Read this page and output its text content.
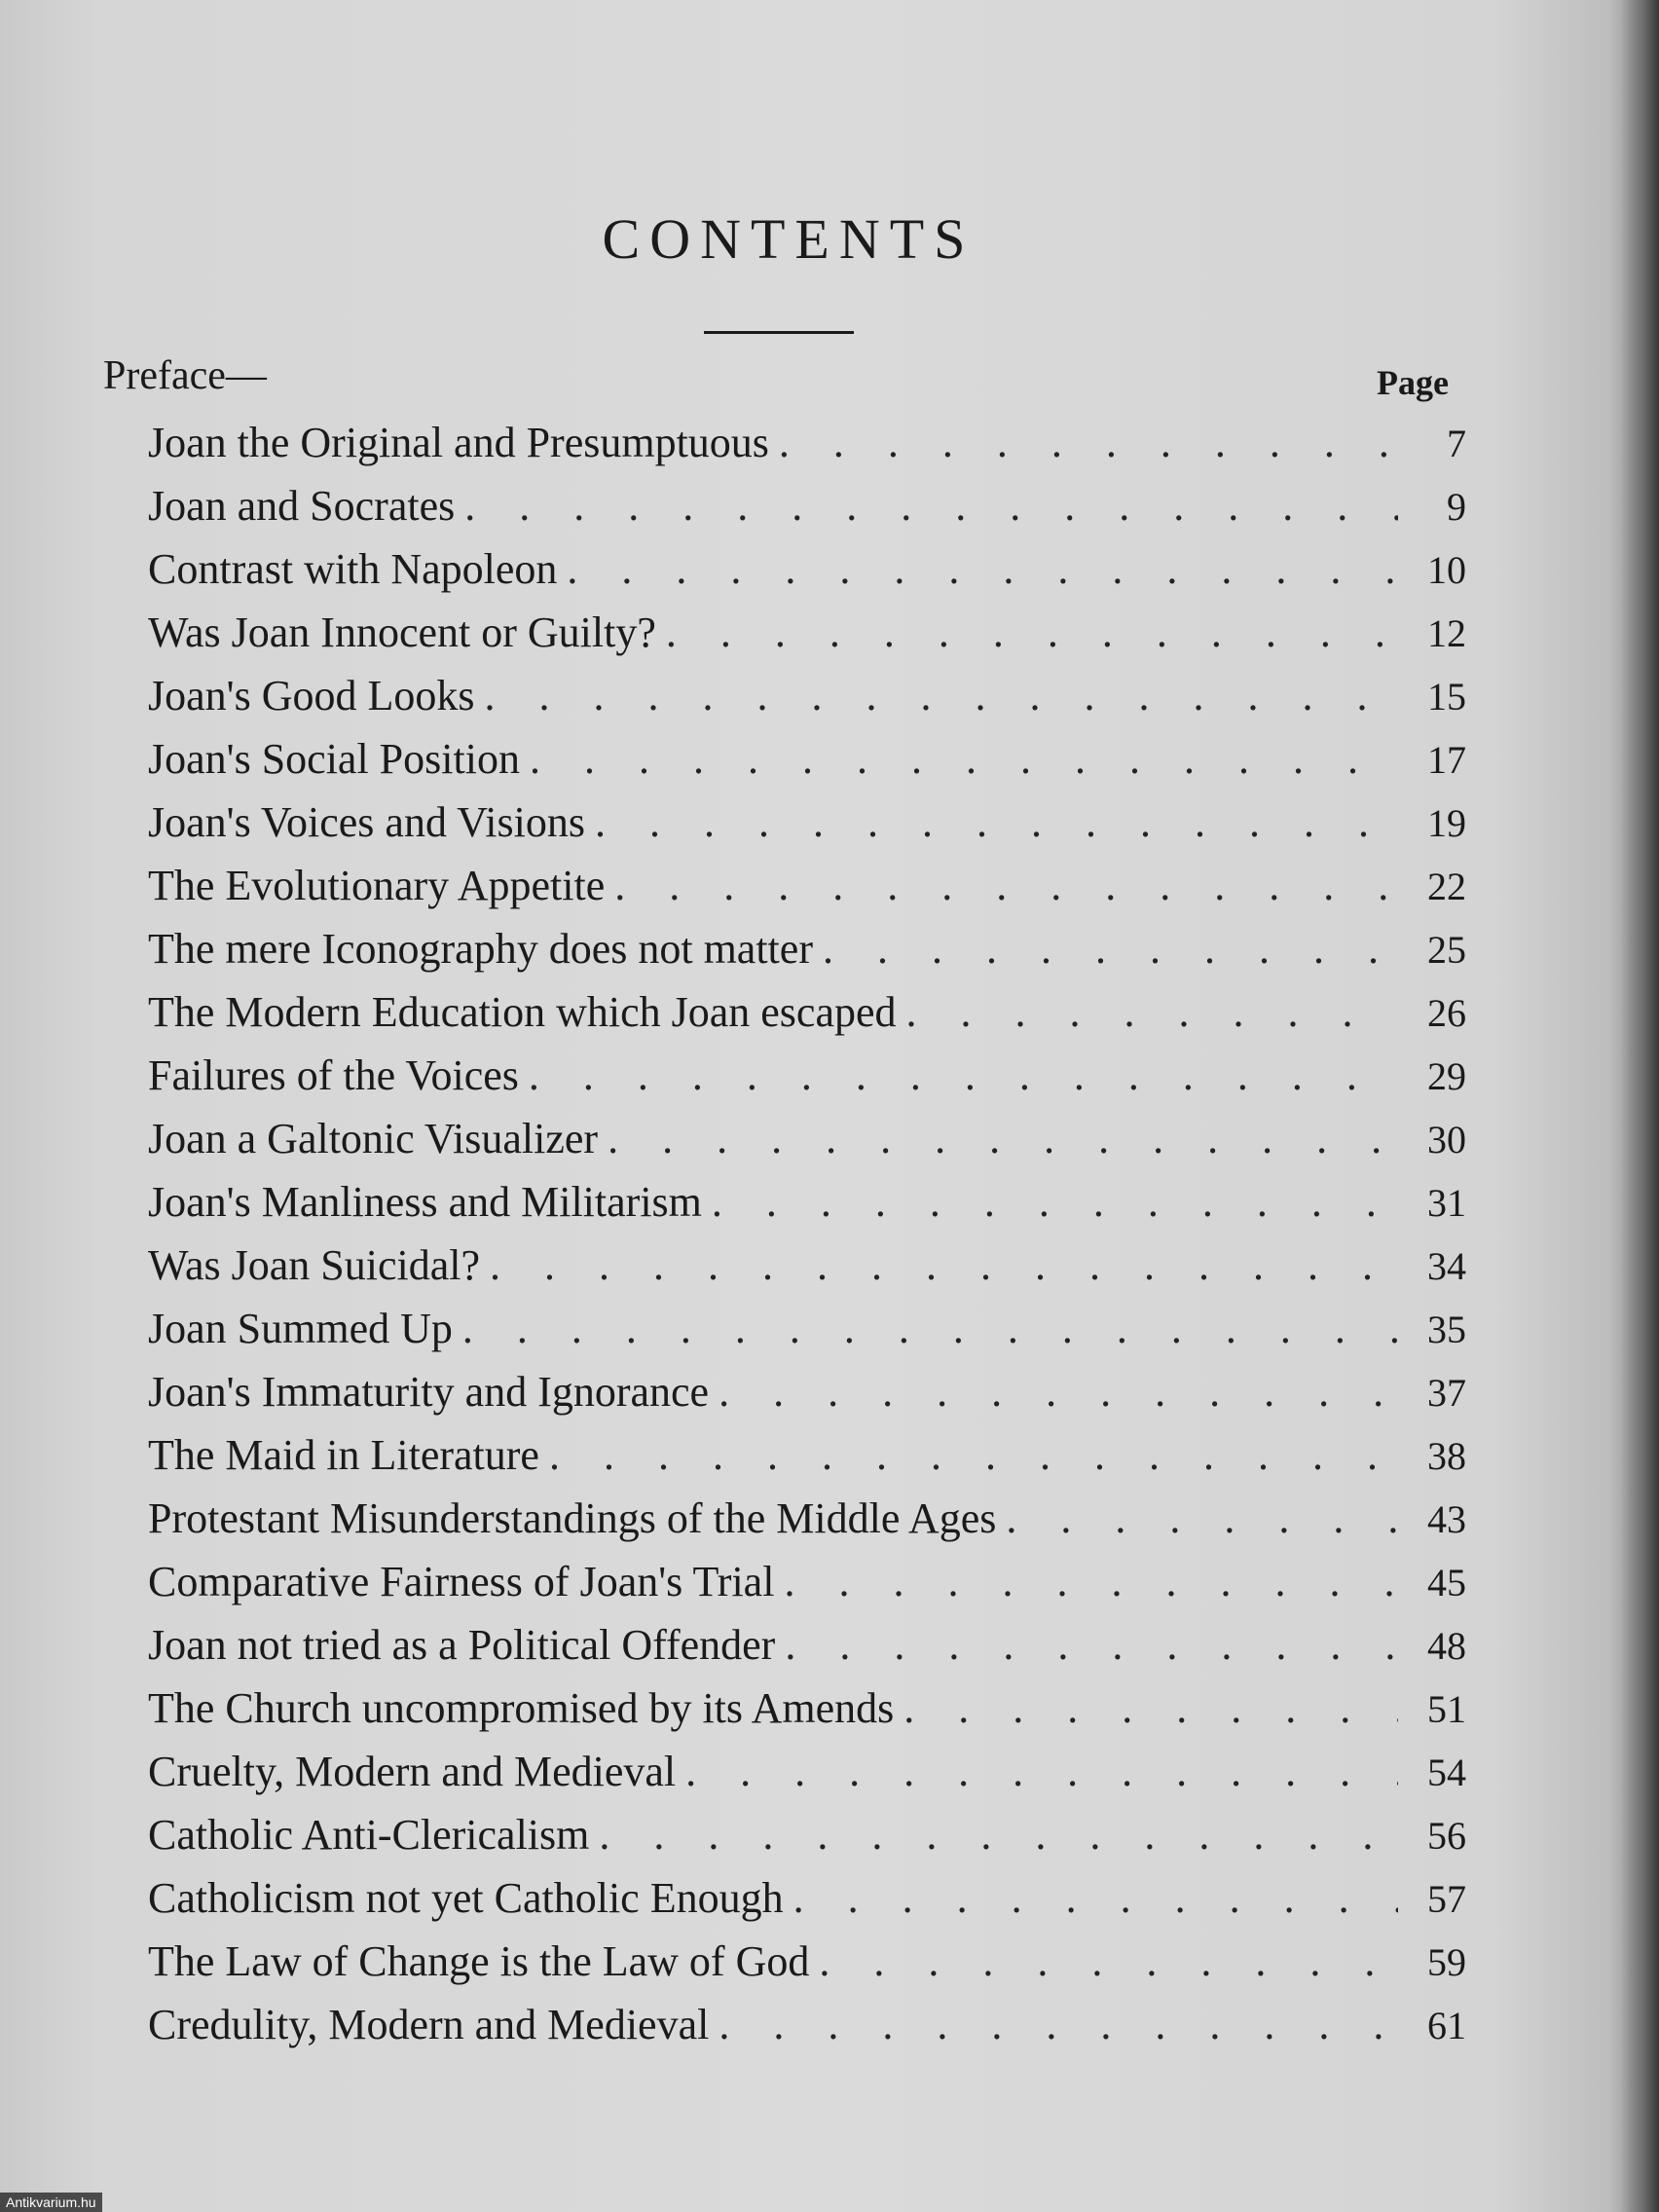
CONTENTS
Preface—	Page
Joan the Original and Presumptuous . . .	7
Joan and Socrates . . .	9
Contrast with Napoleon . . .	10
Was Joan Innocent or Guilty? . . .	12
Joan's Good Looks . . .	15
Joan's Social Position . . .	17
Joan's Voices and Visions . . .	19
The Evolutionary Appetite . . .	22
The mere Iconography does not matter . . .	25
The Modern Education which Joan escaped . . .	26
Failures of the Voices . . .	29
Joan a Galtonic Visualizer . . .	30
Joan's Manliness and Militarism . . .	31
Was Joan Suicidal? . . .	34
Joan Summed Up . . .	35
Joan's Immaturity and Ignorance . . .	37
The Maid in Literature . . .	38
Protestant Misunderstandings of the Middle Ages . . .	43
Comparative Fairness of Joan's Trial . . .	45
Joan not tried as a Political Offender . . .	48
The Church uncompromised by its Amends . . .	51
Cruelty, Modern and Medieval . . .	54
Catholic Anti-Clericalism . . .	56
Catholicism not yet Catholic Enough . . .	57
The Law of Change is the Law of God . . .	59
Credulity, Modern and Medieval . . .	61
Antikvarium.hu
